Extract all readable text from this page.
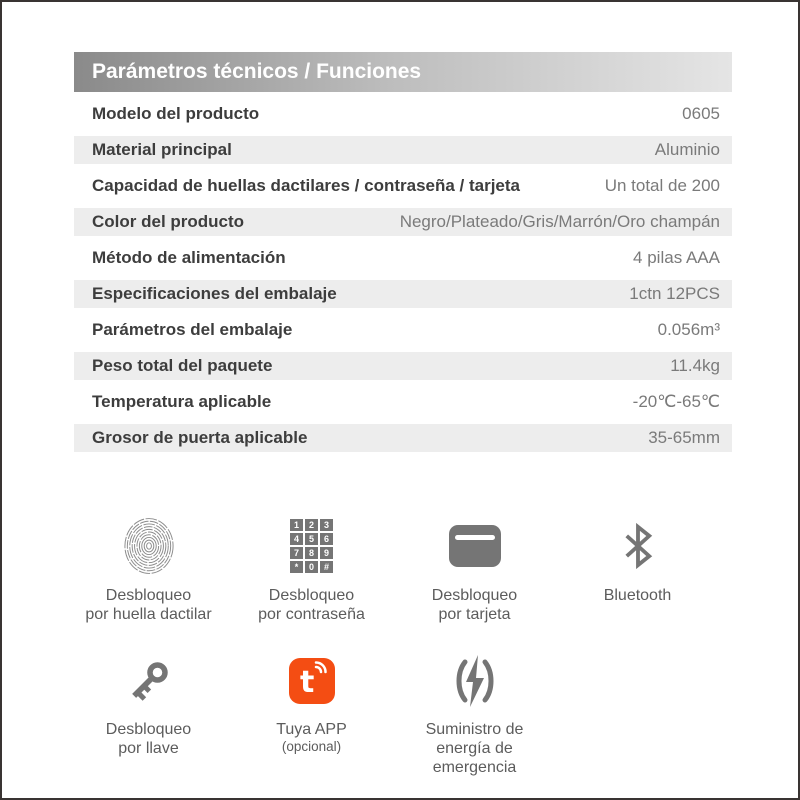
Parámetros técnicos / Funciones
Modelo del producto	0605
Material principal	Aluminio
Capacidad de huellas dactilares / contraseña / tarjeta	Un total de 200
Color del producto	Negro/Plateado/Gris/Marrón/Oro champán
Método de alimentación	4 pilas AAA
Especificaciones del embalaje	1ctn 12PCS
Parámetros del embalaje	0.056m³
Peso total del paquete	11.4kg
Temperatura aplicable	-20℃-65℃
Grosor de puerta aplicable	35-65mm
Desbloqueo
por huella dactilar
1	2	3
4	5	6
7	8	9
*	0	#
Desbloqueo
por contraseña
Desbloqueo
por tarjeta
Bluetooth
Desbloqueo
por llave
t
Tuya APP
(opcional)
Suministro de
energía de
emergencia
